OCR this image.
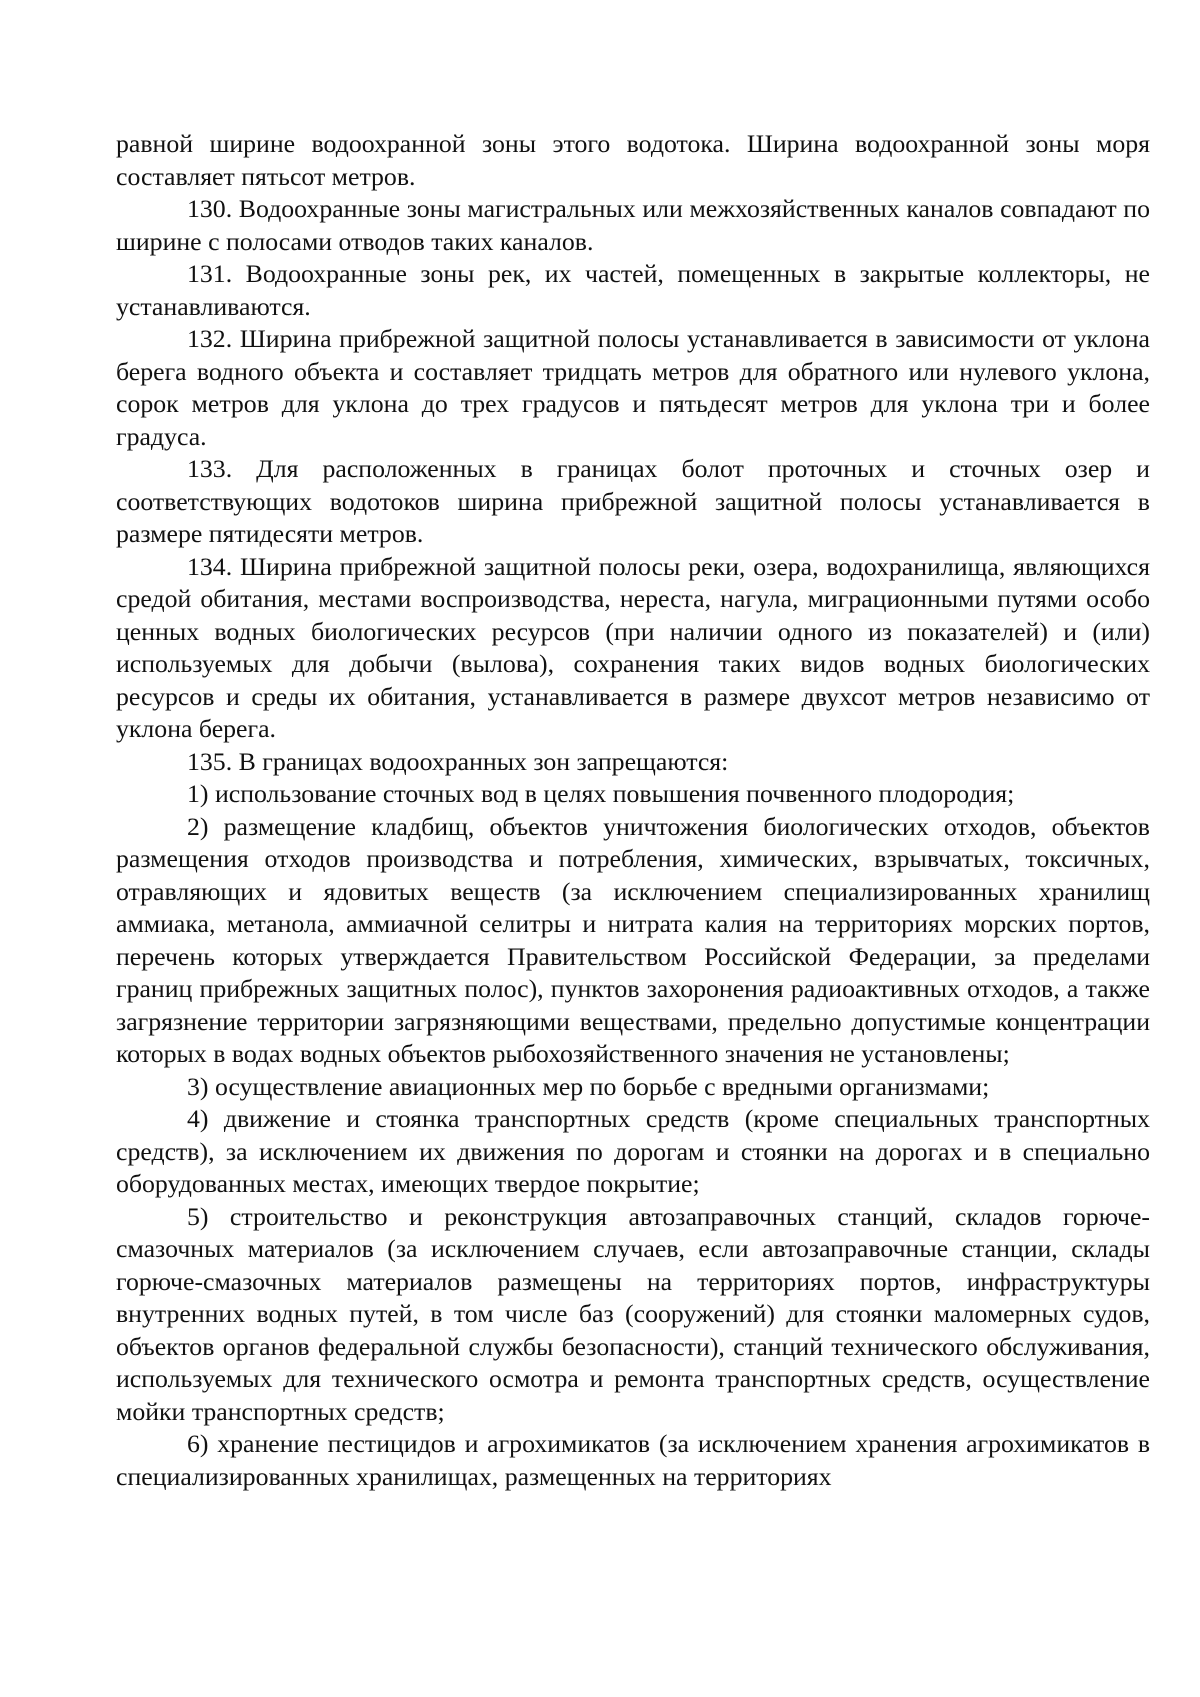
равной ширине водоохранной зоны этого водотока. Ширина водоохранной зоны моря составляет пятьсот метров.

130. Водоохранные зоны магистральных или межхозяйственных каналов совпадают по ширине с полосами отводов таких каналов.

131. Водоохранные зоны рек, их частей, помещенных в закрытые коллекторы, не устанавливаются.

132. Ширина прибрежной защитной полосы устанавливается в зависимости от уклона берега водного объекта и составляет тридцать метров для обратного или нулевого уклона, сорок метров для уклона до трех градусов и пятьдесят метров для уклона три и более градуса.

133. Для расположенных в границах болот проточных и сточных озер и соответствующих водотоков ширина прибрежной защитной полосы устанавливается в размере пятидесяти метров.

134. Ширина прибрежной защитной полосы реки, озера, водохранилища, являющихся средой обитания, местами воспроизводства, нереста, нагула, миграционными путями особо ценных водных биологических ресурсов (при наличии одного из показателей) и (или) используемых для добычи (вылова), сохранения таких видов водных биологических ресурсов и среды их обитания, устанавливается в размере двухсот метров независимо от уклона берега.

135. В границах водоохранных зон запрещаются:

1) использование сточных вод в целях повышения почвенного плодородия;

2) размещение кладбищ, объектов уничтожения биологических отходов, объектов размещения отходов производства и потребления, химических, взрывчатых, токсичных, отравляющих и ядовитых веществ (за исключением специализированных хранилищ аммиака, метанола, аммиачной селитры и нитрата калия на территориях морских портов, перечень которых утверждается Правительством Российской Федерации, за пределами границ прибрежных защитных полос), пунктов захоронения радиоактивных отходов, а также загрязнение территории загрязняющими веществами, предельно допустимые концентрации которых в водах водных объектов рыбохозяйственного значения не установлены;

3) осуществление авиационных мер по борьбе с вредными организмами;

4) движение и стоянка транспортных средств (кроме специальных транспортных средств), за исключением их движения по дорогам и стоянки на дорогах и в специально оборудованных местах, имеющих твердое покрытие;

5) строительство и реконструкция автозаправочных станций, складов горюче-смазочных материалов (за исключением случаев, если автозаправочные станции, склады горюче-смазочных материалов размещены на территориях портов, инфраструктуры внутренних водных путей, в том числе баз (сооружений) для стоянки маломерных судов, объектов органов федеральной службы безопасности), станций технического обслуживания, используемых для технического осмотра и ремонта транспортных средств, осуществление мойки транспортных средств;

6) хранение пестицидов и агрохимикатов (за исключением хранения агрохимикатов в специализированных хранилищах, размещенных на территориях
